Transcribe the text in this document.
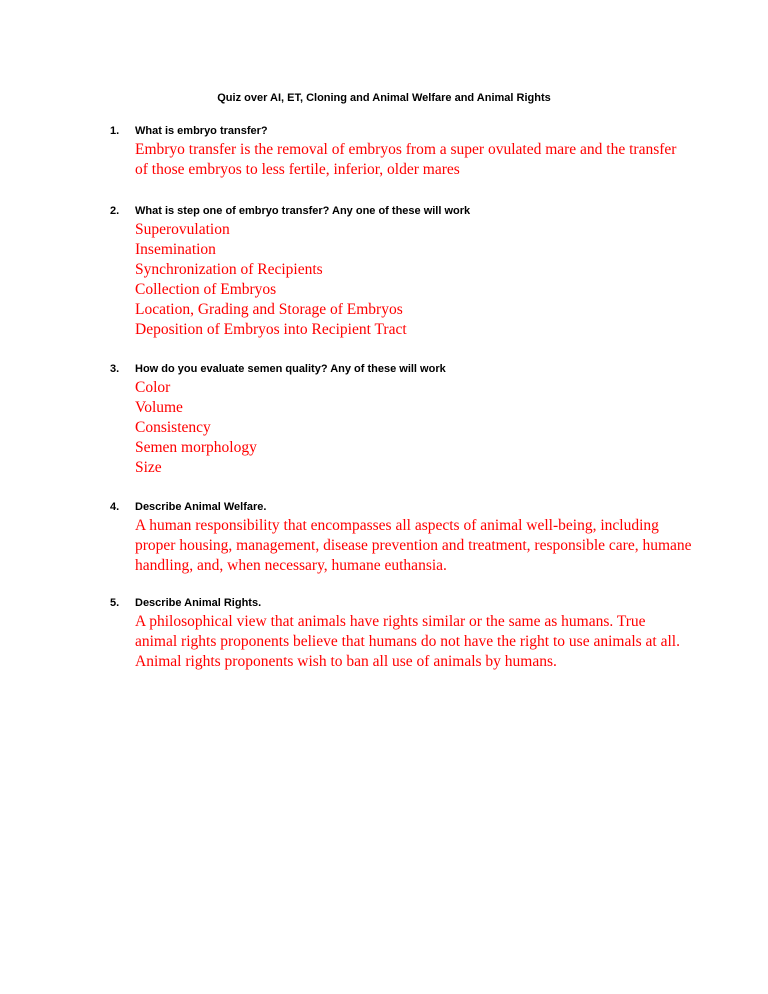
Quiz over AI, ET, Cloning and Animal Welfare and Animal Rights
1. What is embryo transfer?
Embryo transfer is the removal of embryos from a super ovulated mare and the transfer
of those embryos to less fertile, inferior, older mares
2. What is step one of embryo transfer? Any one of these will work
Superovulation
Insemination
Synchronization of Recipients
Collection of Embryos
Location, Grading and Storage of Embryos
Deposition of Embryos into Recipient Tract
3. How do you evaluate semen quality? Any of these will work
Color
Volume
Consistency
Semen morphology
Size
4. Describe Animal Welfare.
A human responsibility that encompasses all aspects of animal well-being, including
proper housing, management, disease prevention and treatment, responsible care, humane
handling, and, when necessary, humane euthansia.
5. Describe Animal Rights.
A philosophical view that animals have rights similar or the same as humans. True
animal rights proponents believe that humans do not have the right to use animals at all.
Animal rights proponents wish to ban all use of animals by humans.
